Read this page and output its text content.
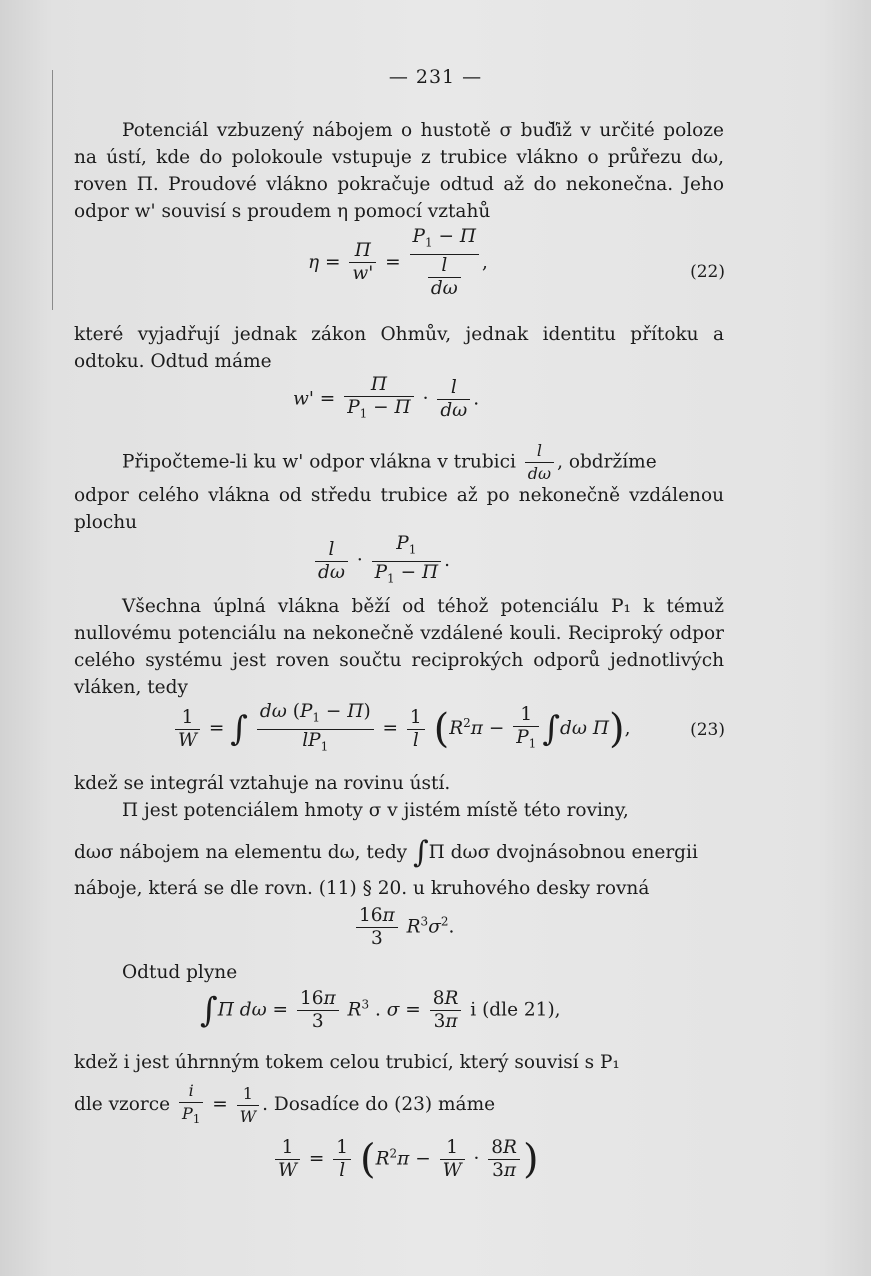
— 231 —
Potenciál vzbuzený nábojem o hustotě σ buď̆iž v určité poloze na ústí, kde do polokoule vstupuje z trubice vlákno o průřezu dω, roven Π. Proudové vlákno pokračuje odtud až do nekonečna. Jeho odpor w' souvisí s proudem η pomocí vztahů
$\eta = \frac{\Pi}{w'} = \frac{P_1 - \Pi}{\frac{l}{d\omega}}$ ,	(22)
které vyjadřují jednak zákon Ohmův, jednak identitu přítoku a odtoku. Odtud máme
$w' = \frac{\Pi}{P_1 - \Pi} \cdot \frac{l}{d\omega}$ .
Připočteme-li ku w' odpor vlákna v trubici $\frac{l}{d\omega}$ , obdržíme
odpor celého vlákna od středu trubice až po nekonečně vzdálenou plochu
$\frac{l}{d\omega} \cdot \frac{P_1}{P_1 - \Pi}$ .
Všechna úplná vlákna běží od téhož potenciálu P₁ k témuž nullovému potenciálu na nekonečně vzdálené kouli. Reciproký odpor celého systému jest roven součtu reciprokých odporů jednotlivých vláken, tedy
$\frac{1}{W}$ = ∫ $\frac{d\omega (P_1 - \Pi)}{lP_1} = \frac{1}{l} (R^2\pi - \frac{1}{P_1} \int d\omega$ Π),	(23)
kdež se integrál vztahuje na rovinu ústí.
Π jest potenciálem hmoty σ v jistém místě této roviny,
dωσ nábojem na elementu dω, tedy ∫Π dωσ dvojnásobnou energii
náboje, která se dle rovn. (11) § 20. u kruhového desky rovná
$\frac{16\pi}{3} R^3\sigma^2$.
Odtud plyne
∫Π $d\omega = \frac{16\pi}{3} R^3$ . $\sigma = \frac{8R}{3\pi}$ i (dle 21),
kdež i jest úhrnným tokem celou trubicí, který souvisí s P₁
dle vzorce $\frac{i}{P_1} = \frac{1}{W}$ . Dosadíce do (23) máme
$\frac{1}{W} = \frac{1}{l} (R^2\pi - \frac{1}{W} \cdot \frac{8R}{3\pi}$ )
